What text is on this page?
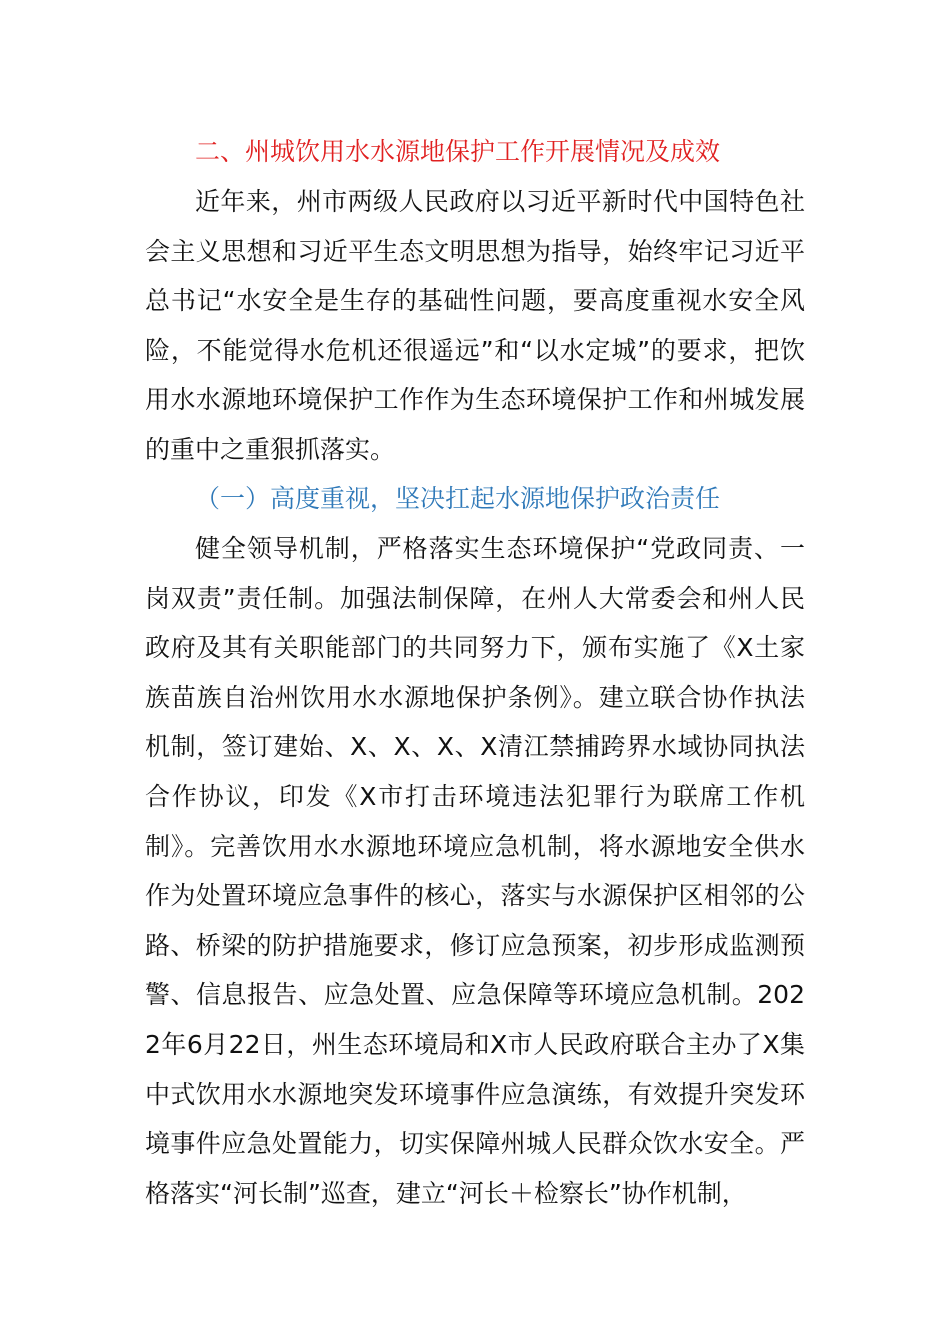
二、州城饮用水水源地保护工作开展情况及成效

近年来，州市两级人民政府以习近平新时代中国特色社会主义思想和习近平生态文明思想为指导，始终牢记习近平总书记“水安全是生存的基础性问题，要高度重视水安全风险，不能觉得水危机还很遥远”和“以水定城”的要求，把饮用水水源地环境保护工作作为生态环境保护工作和州城发展的重中之重狠抓落实。

（一）高度重视，坚决扛起水源地保护政治责任

健全领导机制，严格落实生态环境保护“党政同责、一岗双责”责任制。加强法制保障，在州人大常委会和州人民政府及其有关职能部门的共同努力下，颁布实施了《X土家族苗族自治州饮用水水源地保护条例》。建立联合协作执法机制，签订建始、X、X、X、X清江禁捕跨界水域协同执法合作协议，印发《X市打击环境违法犯罪行为联席工作机制》。完善饮用水水源地环境应急机制，将水源地安全供水作为处置环境应急事件的核心，落实与水源保护区相邻的公路、桥梁的防护措施要求，修订应急预案，初步形成监测预警、信息报告、应急处置、应急保障等环境应急机制。2022年6月22日，州生态环境局和X市人民政府联合主办了X集中式饮用水水源地突发环境事件应急演练，有效提升突发环境事件应急处置能力，切实保障州城人民群众饮水安全。严格落实“河长制”巡查，建立“河长＋检察长”协作机制，
